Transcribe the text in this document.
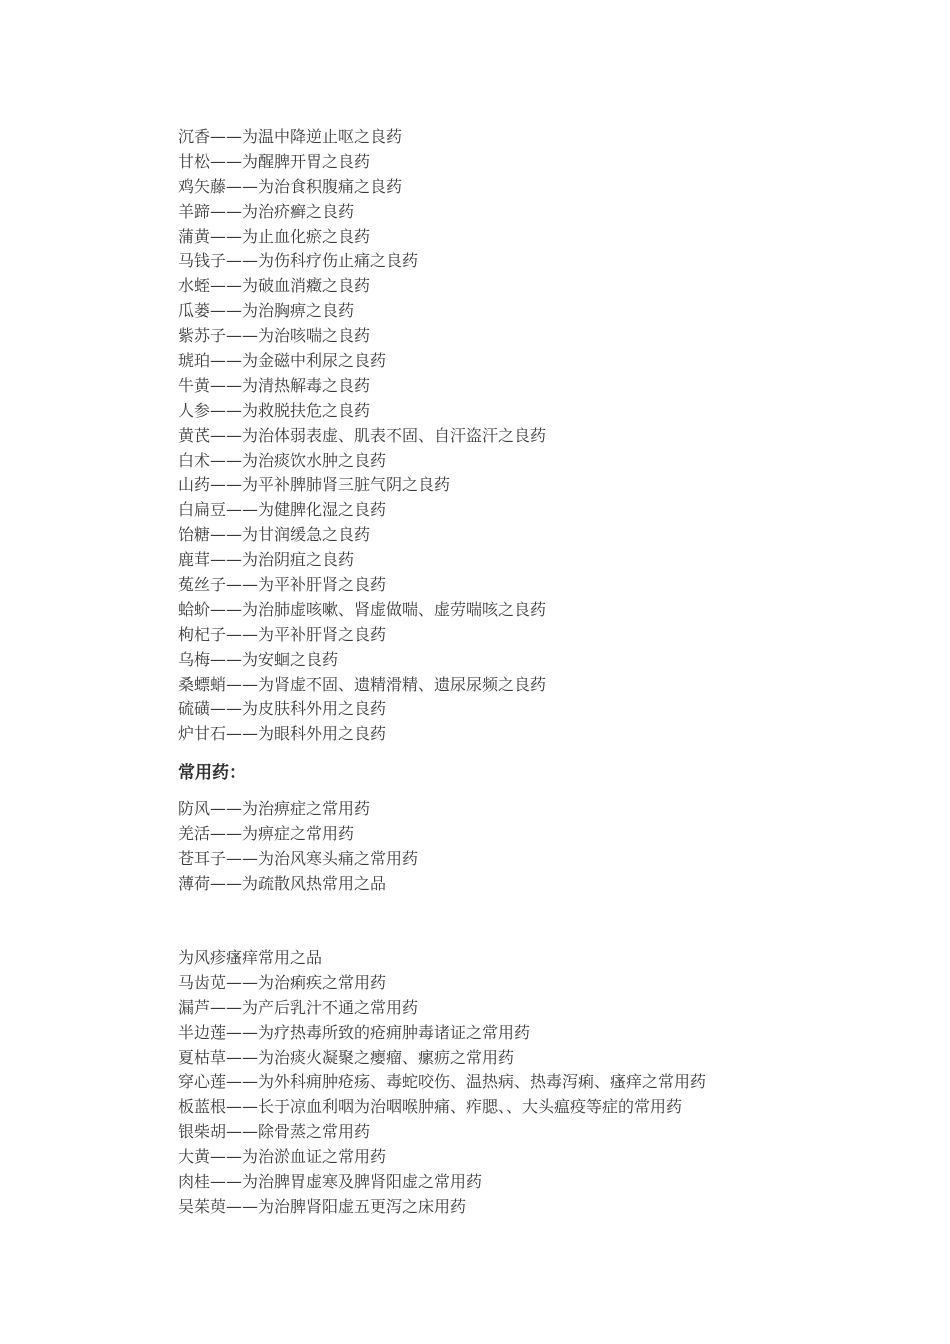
沉香——为温中降逆止呕之良药
甘松——为醒脾开胃之良药
鸡矢藤——为治食积腹痛之良药
羊蹄——为治疥癣之良药
蒲黄——为止血化瘀之良药
马钱子——为伤科疗伤止痛之良药
水蛭——为破血消癥之良药
瓜蒌——为治胸痹之良药
紫苏子——为治咳喘之良药
琥珀——为金磁中利尿之良药
牛黄——为清热解毒之良药
人参——为救脱扶危之良药
黄芪——为治体弱表虚、肌表不固、自汗盗汗之良药
白术——为治痰饮水肿之良药
山药——为平补脾肺肾三脏气阴之良药
白扁豆——为健脾化湿之良药
饴糖——为甘润缓急之良药
鹿茸——为治阴疽之良药
菟丝子——为平补肝肾之良药
蛤蚧——为治肺虚咳嗽、肾虚做喘、虚劳喘咳之良药
枸杞子——为平补肝肾之良药
乌梅——为安蛔之良药
桑螵蛸——为肾虚不固、遗精滑精、遗尿尿频之良药
硫磺——为皮肤科外用之良药
炉甘石——为眼科外用之良药
常用药：
防风——为治痹症之常用药
羌活——为痹症之常用药
苍耳子——为治风寒头痛之常用药
薄荷——为疏散风热常用之品
为风疹瘙痒常用之品
马齿苋——为治痢疾之常用药
漏芦——为产后乳汁不通之常用药
半边莲——为疗热毒所致的疮痈肿毒诸证之常用药
夏枯草——为治痰火凝聚之瘿瘤、瘰疬之常用药
穿心莲——为外科痈肿疮疡、毒蛇咬伤、温热病、热毒泻痢、瘙痒之常用药
板蓝根——长于凉血利咽为治咽喉肿痛、痄腮、、大头瘟疫等症的常用药
银柴胡——除骨蒸之常用药
大黄——为治淤血证之常用药
肉桂——为治脾胃虚寒及脾肾阳虚之常用药
吴茱萸——为治脾肾阳虚五更泻之床用药
